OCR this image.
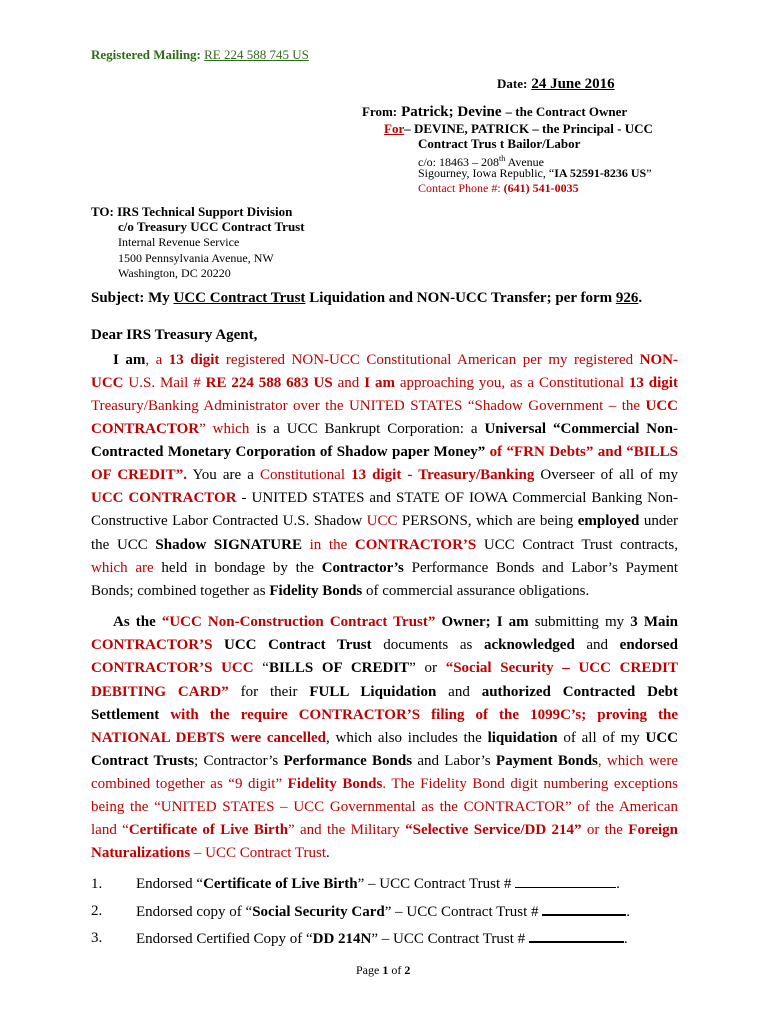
Registered Mailing: RE 224 588 745 US
Date: 24 June 2016
From: Patrick; Devine – the Contract Owner
For– DEVINE, PATRICK – the Principal - UCC
Contract Trus t Bailor/Labor
c/o: 18463 – 208th Avenue
Sigourney, Iowa Republic, “IA 52591-8236 US”
Contact Phone #: (641) 541-0035
TO: IRS Technical Support Division
c/o Treasury UCC Contract Trust
Internal Revenue Service
1500 Pennsylvania Avenue, NW
Washington, DC 20220
Subject: My UCC Contract Trust Liquidation and NON-UCC Transfer; per form 926.
Dear IRS Treasury Agent,
I am, a 13 digit registered NON-UCC Constitutional American per my registered NON-
UCC U.S. Mail # RE 224 588 683 US and I am approaching you, as a Constitutional 13 digit
Treasury/Banking Administrator over the UNITED STATES “Shadow Government – the UCC
CONTRACTOR” which is a UCC Bankrupt Corporation: a Universal “Commercial Non-
Contracted Monetary Corporation of Shadow paper Money” of “FRN Debts” and “BILLS
OF CREDIT”. You are a Constitutional 13 digit - Treasury/Banking Overseer of all of my
UCC CONTRACTOR - UNITED STATES and STATE OF IOWA Commercial Banking Non-
Constructive Labor Contracted U.S. Shadow UCC PERSONS, which are being employed under
the UCC Shadow SIGNATURE in the CONTRACTOR’S UCC Contract Trust contracts,
which are held in bondage by the Contractor’s Performance Bonds and Labor’s Payment
Bonds; combined together as Fidelity Bonds of commercial assurance obligations.
As the “UCC Non-Construction Contract Trust” Owner; I am submitting my 3 Main
CONTRACTOR’S UCC Contract Trust documents as acknowledged and endorsed
CONTRACTOR’S UCC “BILLS OF CREDIT” or “Social Security – UCC CREDIT
DEBITING CARD” for their FULL Liquidation and authorized Contracted Debt
Settlement with the require CONTRACTOR’S filing of the 1099C’s; proving the
NATIONAL DEBTS were cancelled, which also includes the liquidation of all of my UCC
Contract Trusts; Contractor’s Performance Bonds and Labor’s Payment Bonds, which were
combined together as “9 digit” Fidelity Bonds. The Fidelity Bond digit numbering exceptions
being the “UNITED STATES – UCC Governmental as the CONTRACTOR” of the American
land “Certificate of Live Birth” and the Military “Selective Service/DD 214” or the Foreign
Naturalizations – UCC Contract Trust.
1. Endorsed “Certificate of Live Birth” – UCC Contract Trust #	.
2. Endorsed copy of “Social Security Card” – UCC Contract Trust #	.
3. Endorsed Certified Copy of “DD 214N” – UCC Contract Trust #	.
Page 1 of 2
